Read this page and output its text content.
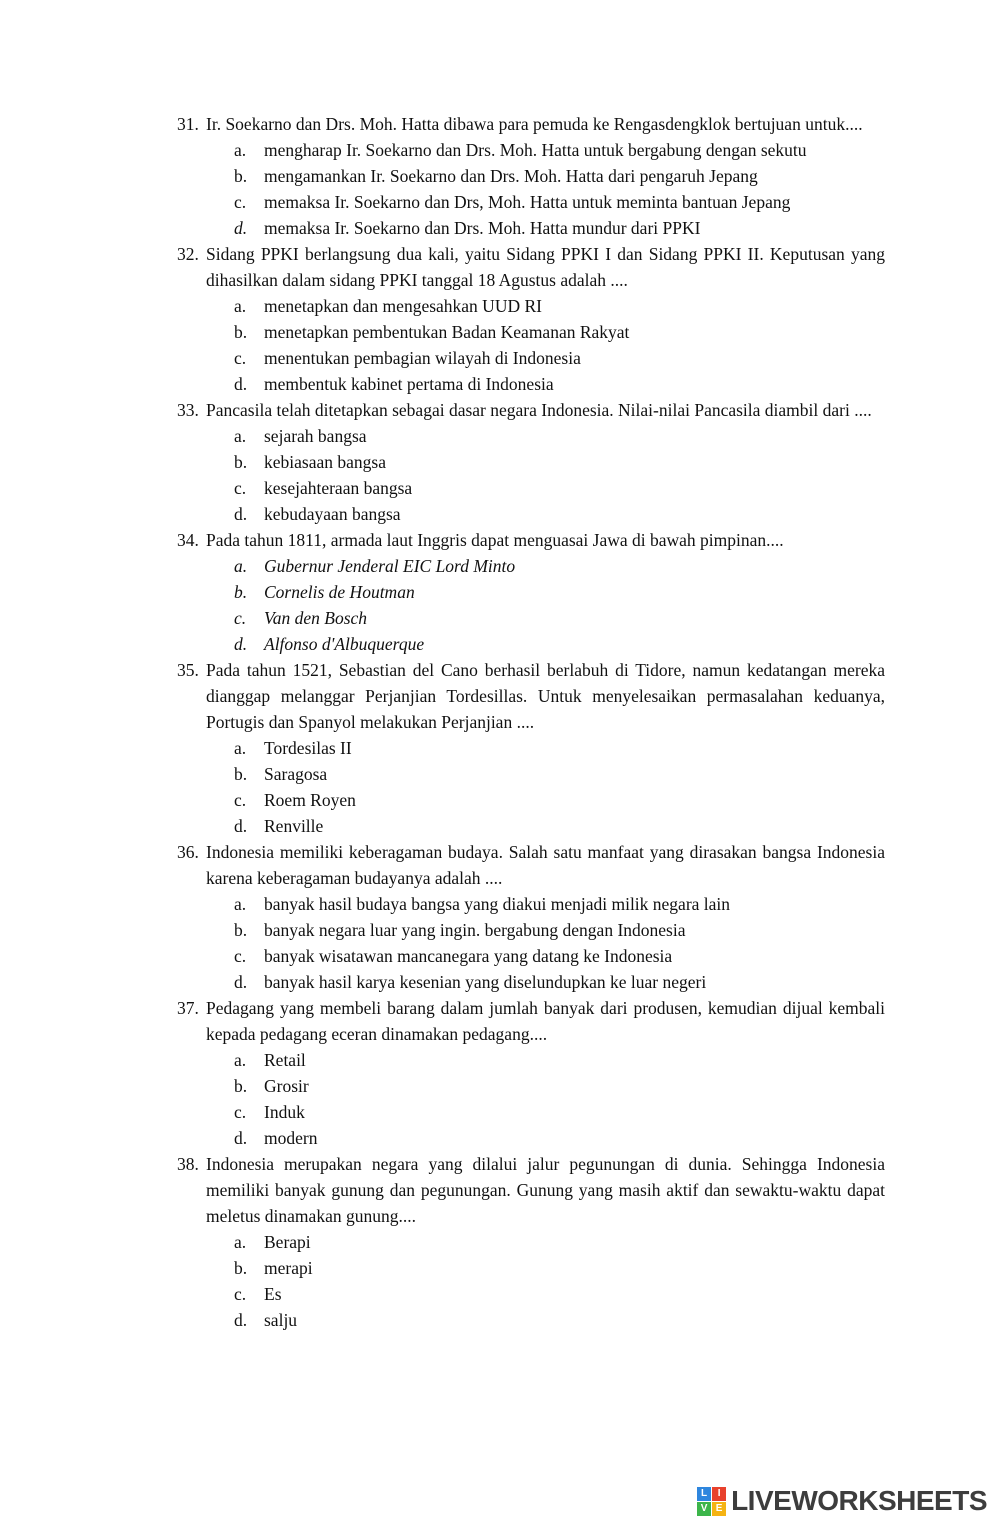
31. Ir. Soekarno dan Drs. Moh. Hatta dibawa para pemuda ke Rengasdengklok bertujuan untuk....
a.	mengharap Ir. Soekarno dan Drs. Moh. Hatta untuk bergabung dengan sekutu
b. mengamankan Ir. Soekarno dan Drs. Moh. Hatta dari pengaruh Jepang
c.	memaksa Ir. Soekarno dan Drs, Moh. Hatta untuk meminta bantuan Jepang
d. memaksa Ir. Soekarno dan Drs. Moh. Hatta mundur dari PPKI
32. Sidang PPKI berlangsung dua kali, yaitu Sidang PPKI I dan Sidang PPKI II. Keputusan yang dihasilkan dalam sidang PPKI tanggal 18 Agustus adalah ....
a.	menetapkan dan mengesahkan UUD RI
b. menetapkan pembentukan Badan Keamanan Rakyat
c.	menentukan pembagian wilayah di Indonesia
d. membentuk kabinet pertama di Indonesia
33. Pancasila telah ditetapkan sebagai dasar negara Indonesia. Nilai-nilai Pancasila diambil dari ....
a.	sejarah bangsa
b. kebiasaan bangsa
c.	kesejahteraan bangsa
d. kebudayaan bangsa
34. Pada tahun 1811, armada laut Inggris dapat menguasai Jawa di bawah pimpinan....
a. Gubernur Jenderal EIC Lord Minto
b. Cornelis de Houtman
c.	Van den Bosch
d. Alfonso d'Albuquerque
35. Pada tahun 1521, Sebastian del Cano berhasil berlabuh di Tidore, namun kedatangan mereka dianggap melanggar Perjanjian Tordesillas. Untuk menyelesaikan permasalahan keduanya, Portugis dan Spanyol melakukan Perjanjian ....
a.	Tordesilas II
b. Saragosa
c.	Roem Royen
d. Renville
36. Indonesia memiliki keberagaman budaya. Salah satu manfaat yang dirasakan bangsa Indonesia karena keberagaman budayanya adalah ....
a.	banyak hasil budaya bangsa yang diakui menjadi milik negara lain
b. banyak negara luar yang ingin. bergabung dengan Indonesia
c.	banyak wisatawan mancanegara yang datang ke Indonesia
d. banyak hasil karya kesenian yang diselundupkan ke luar negeri
37. Pedagang yang membeli barang dalam jumlah banyak dari produsen, kemudian dijual kembali kepada pedagang eceran dinamakan pedagang....
a.	Retail
b. Grosir
c.	Induk
d. modern
38. Indonesia merupakan negara yang dilalui jalur pegunungan di dunia. Sehingga Indonesia memiliki banyak gunung dan pegunungan. Gunung yang masih aktif dan sewaktu-waktu dapat meletus dinamakan gunung....
a.	Berapi
b. merapi
c.	Es
d. salju
L	I
V E LIVEWORKSHEETS
